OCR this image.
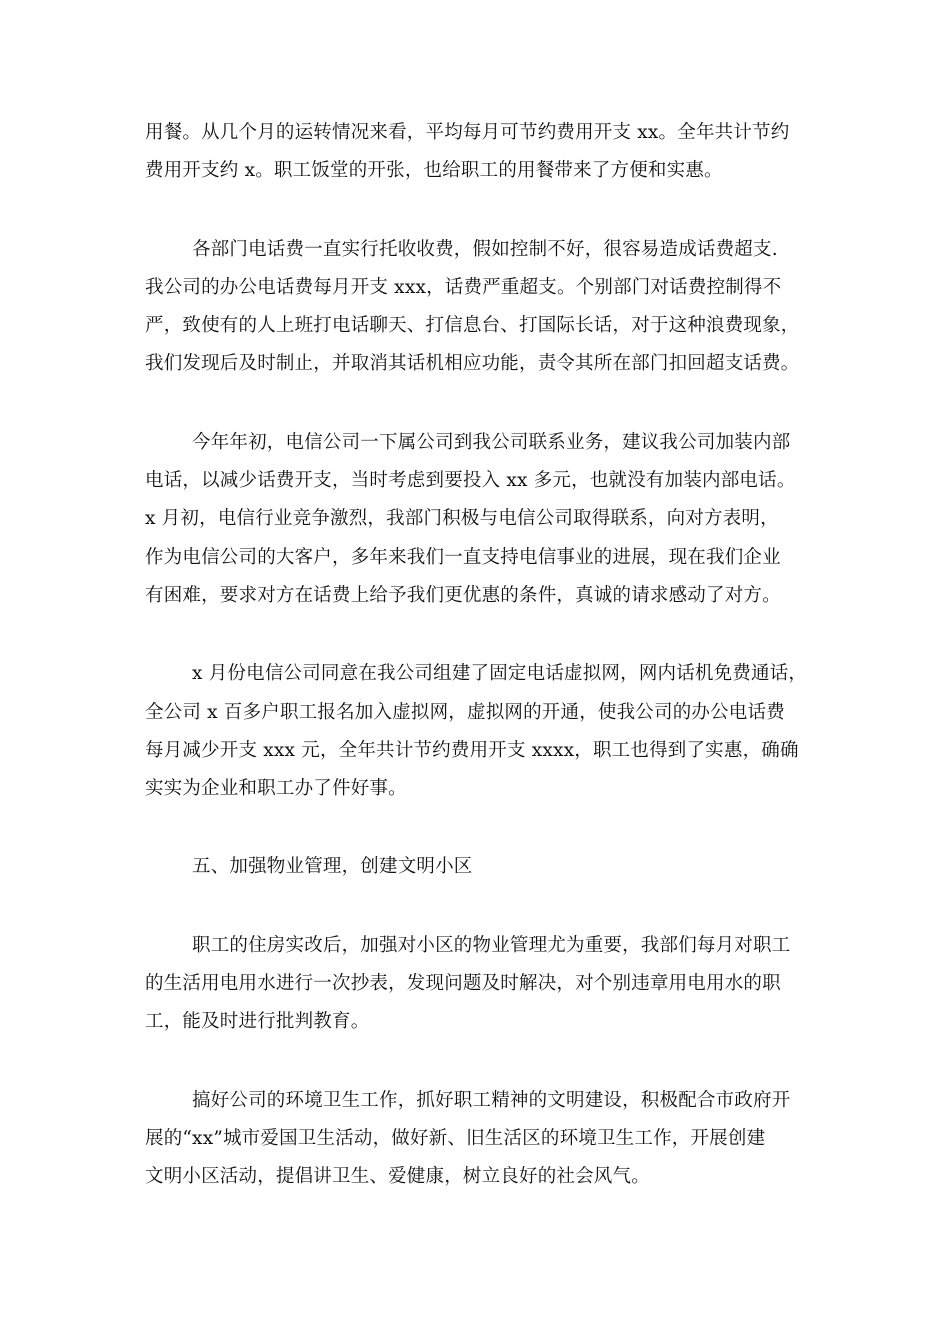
用餐。从几个月的运转情况来看，平均每月可节约费用开支 xx。全年共计节约
费用开支约 x。职工饭堂的开张，也给职工的用餐带来了方便和实惠。

各部门电话费一直实行托收收费，假如控制不好，很容易造成话费超支.
我公司的办公电话费每月开支 xxx，话费严重超支。个别部门对话费控制得不
严，致使有的人上班打电话聊天、打信息台、打国际长话，对于这种浪费现象，
我们发现后及时制止，并取消其话机相应功能，责令其所在部门扣回超支话费。

今年年初，电信公司一下属公司到我公司联系业务，建议我公司加装内部
电话，以减少话费开支，当时考虑到要投入 xx 多元，也就没有加装内部电话。
x 月初，电信行业竞争激烈，我部门积极与电信公司取得联系，向对方表明，
作为电信公司的大客户，多年来我们一直支持电信事业的进展，现在我们企业
有困难，要求对方在话费上给予我们更优惠的条件，真诚的请求感动了对方。

x 月份电信公司同意在我公司组建了固定电话虚拟网，网内话机免费通话，
全公司 x 百多户职工报名加入虚拟网，虚拟网的开通，使我公司的办公电话费
每月减少开支 xxx 元，全年共计节约费用开支 xxxx，职工也得到了实惠，确确
实实为企业和职工办了件好事。

五、加强物业管理，创建文明小区

职工的住房实改后，加强对小区的物业管理尤为重要，我部们每月对职工
的生活用电用水进行一次抄表，发现问题及时解决，对个别违章用电用水的职
工，能及时进行批判教育。

搞好公司的环境卫生工作，抓好职工精神的文明建设，积极配合市政府开
展的“xx”城市爱国卫生活动，做好新、旧生活区的环境卫生工作，开展创建
文明小区活动，提倡讲卫生、爱健康，树立良好的社会风气。
